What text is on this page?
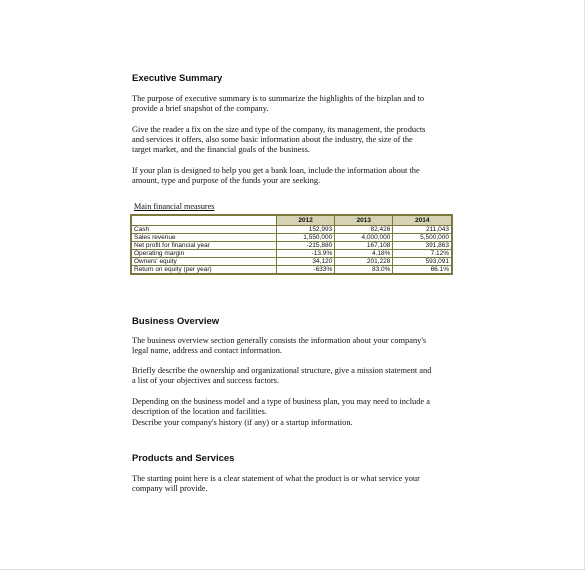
Executive Summary
The purpose of executive summary is to summarize the highlights of the bizplan and to provide a brief snapshot of the company.
Give the reader a fix on the size and type of the company, its management, the products and services it offers, also some basic information about the industry, the size of the target market, and the financial goals of the business.
If your plan is designed to help you get a bank loan, include the information about the amount, type and purpose of the funds your are seeking.
Main financial measures
	2012	2013	2014
Cash	152,993	82,426	211,043
Sales revenue	1,550,000	4,000,000	5,500,000
Net profit for financial year	-215,880	167,108	391,863
Operating margin	-13.9%	4.18%	7.12%
Owners' equity	34,120	201,228	593,091
Return on equity (per year)	-633%	83.0%	66.1%
Business Overview
The business overview section generally consists the information about your company's legal name, address and contact information.
Briefly describe the ownership and organizational structure, give a mission statement and a list of your objectives and success factors.
Depending on the business model and a type of business plan, you may need to include a description of the location and facilities.
Describe your company's history (if any) or a startup information.
Products and Services
The starting point here is a clear statement of what the product is or what service your company will provide.
